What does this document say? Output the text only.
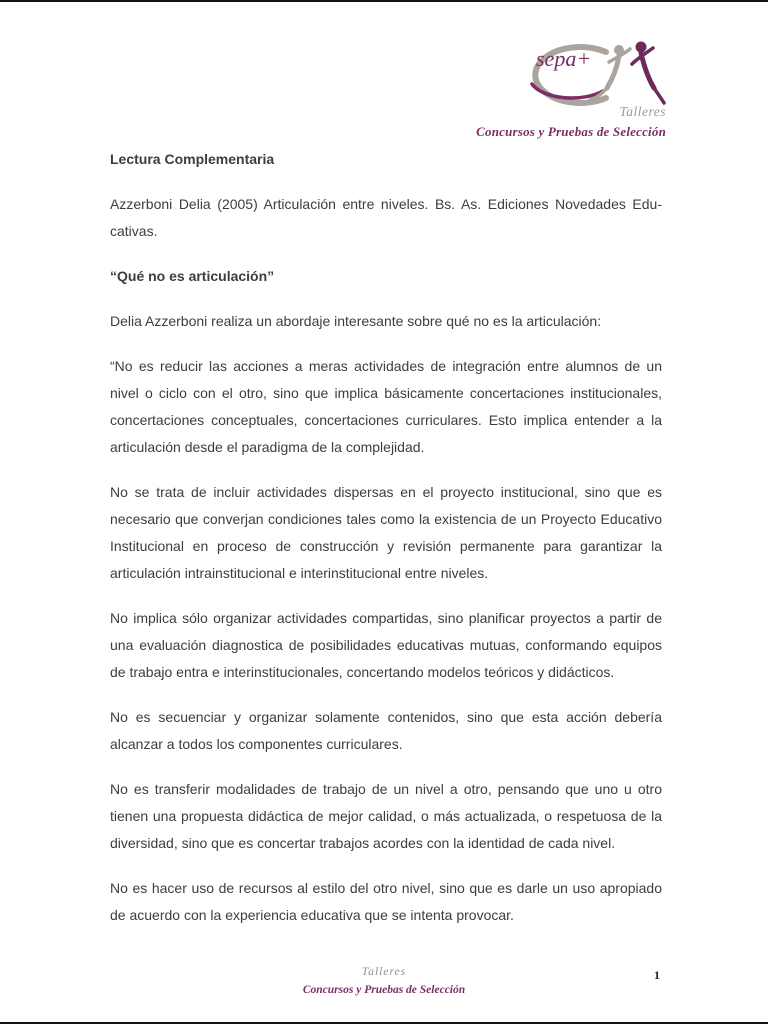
sepa+
Talleres
Concursos y Pruebas de Selección
Lectura Complementaria

Azzerboni Delia (2005) Articulación entre niveles. Bs. As. Ediciones Novedades Educativas.

“Qué no es articulación”

Delia Azzerboni realiza un abordaje interesante sobre qué no es la articulación:

“No es reducir las acciones a meras actividades de integración entre alumnos de un nivel o ciclo con el otro, sino que implica básicamente concertaciones institucionales, concertaciones conceptuales, concertaciones curriculares. Esto implica entender a la articulación desde el paradigma de la complejidad.

No se trata de incluir actividades dispersas en el proyecto institucional, sino que es necesario que converjan condiciones tales como la existencia de un Proyecto Educativo Institucional en proceso de construcción y revisión permanente para garantizar la articulación intrainstitucional e interinstitucional entre niveles.

No implica sólo organizar actividades compartidas, sino planificar proyectos a partir de una evaluación diagnostica de posibilidades educativas mutuas, conformando equipos de trabajo entra e interinstitucionales, concertando modelos teóricos y didácticos.

No es secuenciar y organizar solamente contenidos, sino que esta acción debería alcanzar a todos los componentes curriculares.

No es transferir modalidades de trabajo de un nivel a otro, pensando que uno u otro tienen una propuesta didáctica de mejor calidad, o más actualizada, o respetuosa de la diversidad, sino que es concertar trabajos acordes con la identidad de cada nivel.

No es hacer uso de recursos al estilo del otro nivel, sino que es darle un uso apropiado de acuerdo con la experiencia educativa que se intenta provocar.

Talleres
Concursos y Pruebas de Selección
1
